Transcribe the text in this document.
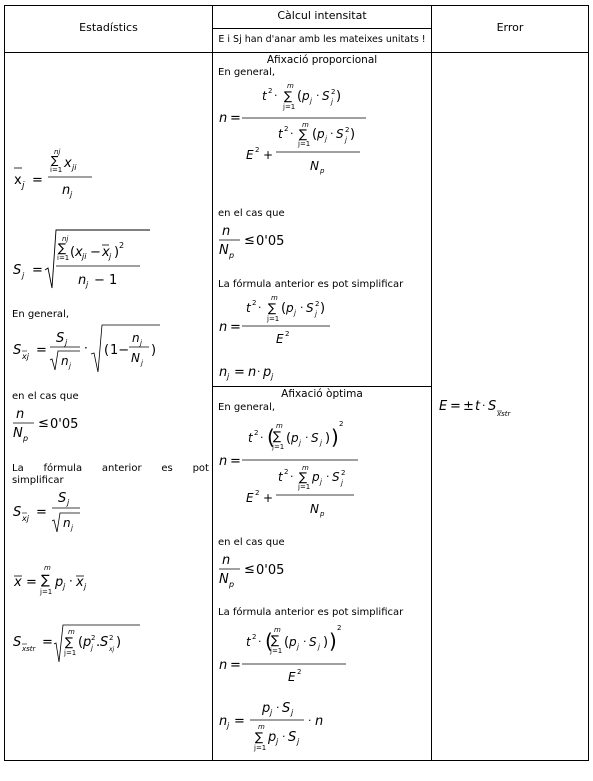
Estadístics
Càlcul intensitat
E i Sj han d'anar amb les mateixes unitats !
Error
x j =
nj
∑
i=1 x ji
n j
S j =
nj
∑
i=1 ( x ji − x j ) 2
n j − 1
En general,
S xj =
S j
n j
· ( 1−
n j
N j
)
en el cas que
n
N p
≤ 0'05
La fórmula anterior es pot
simplificar
S xj =
S j
n j
x =
m
∑
j=1
p j · x j
S xstr =
m
∑
j=1
( p 2
j . S 2
xj )
Afixació proporcional
En general,
t 2 ·
m
∑
j=1
( p j · S 2
j )
n =
t 2 ·
m
∑
j=1
( p j · S 2
j )
E 2 +
N p
en el cas que
n
N p
≤ 0'05
La fórmula anterior es pot simplificar
t 2 ·
m
∑
j=1
( p j · S 2
j )
n =
E 2
n j = n · p j
Afixació òptima
En general,
t 2 · ( m
∑
j=1
( p j · S j ) )
2
n =
t 2 ·
m
∑
j=1
p j · S 2
j
E 2 +
N p
en el cas que
n
N p
≤ 0'05
La fórmula anterior es pot simplificar
t 2 · ( m
∑
j=1
( p j · S j ) )
2
n =
E 2
n j =
p j · S j
m
∑
j=1
p j · S j
· n
E = ± t · S xstr
